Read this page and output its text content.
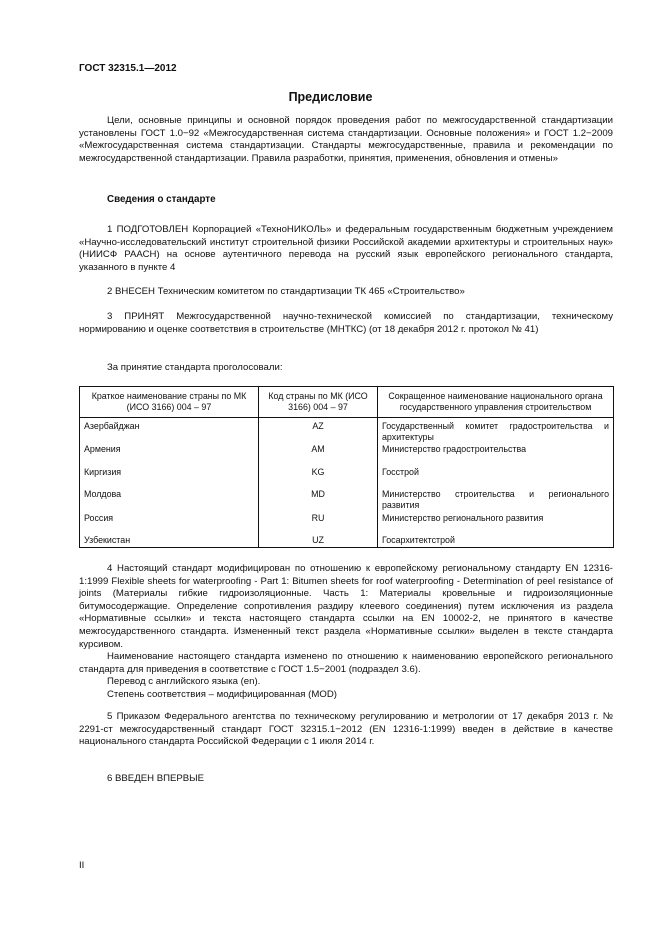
ГОСТ 32315.1—2012
Предисловие

Цели, основные принципы и основной порядок проведения работ по межгосударственной стандартизации установлены ГОСТ 1.0−92 «Межгосударственная система стандартизации. Основные положения» и ГОСТ 1.2−2009 «Межгосударственная система стандартизации. Стандарты межгосударственные, правила и рекомендации по межгосударственной стандартизации. Правила разработки, принятия, применения, обновления и отмены»

Сведения о стандарте

1 ПОДГОТОВЛЕН Корпорацией «ТехноНИКОЛЬ» и федеральным государственным бюджетным учреждением «Научно-исследовательский институт строительной физики Российской академии архитектуры и строительных наук» (НИИСФ РААСН) на основе аутентичного перевода на русский язык европейского регионального стандарта, указанного в пункте 4

2 ВНЕСЕН Техническим комитетом по стандартизации ТК 465 «Строительство»

3 ПРИНЯТ Межгосударственной научно-технической комиссией по стандартизации, техническому нормированию и оценке соответствия в строительстве (МНТКС) (от 18 декабря 2012 г. протокол № 41)

За принятие стандарта проголосовали:
Краткое наименование страны по МК (ИСО 3166) 004 – 97	Код страны по МК (ИСО 3166) 004 – 97	Сокращенное наименование национального органа государственного управления строительством
Азербайджан	AZ	Государственный комитет градостроительства и архитектуры
Армения	AM	Министерство градостроительства
Киргизия	KG	Госстрой
Молдова	MD	Министерство строительства и регионального развития
Россия	RU	Министерство регионального развития
Узбекистан	UZ	Госархитектстрой

4 Настоящий стандарт модифицирован по отношению к европейскому региональному стандарту EN 12316-1:1999 Flexible sheets for waterproofing - Part 1: Bitumen sheets for roof waterproofing - Determination of peel resistance of joints (Материалы гибкие гидроизоляционные. Часть 1: Материалы кровельные и гидроизоляционные битумосодержащие. Определение сопротивления раздиру клеевого соединения) путем исключения из раздела «Нормативные ссылки» и текста настоящего стандарта ссылки на EN 10002-2, не принятого в качестве межгосударственного стандарта. Измененный текст раздела «Нормативные ссылки» выделен в тексте стандарта курсивом.

Наименование настоящего стандарта изменено по отношению к наименованию европейского регионального стандарта для приведения в соответствие с ГОСТ 1.5−2001 (подраздел 3.6).

Перевод с английского языка (en).

Степень соответствия – модифицированная (MOD)

5 Приказом Федерального агентства по техническому регулированию и метрологии от 17 декабря 2013 г. № 2291-ст межгосударственный стандарт ГОСТ 32315.1−2012 (EN 12316-1:1999) введен в действие в качестве национального стандарта Российской Федерации с 1 июля 2014 г.

6 ВВЕДЕН ВПЕРВЫЕ
II
